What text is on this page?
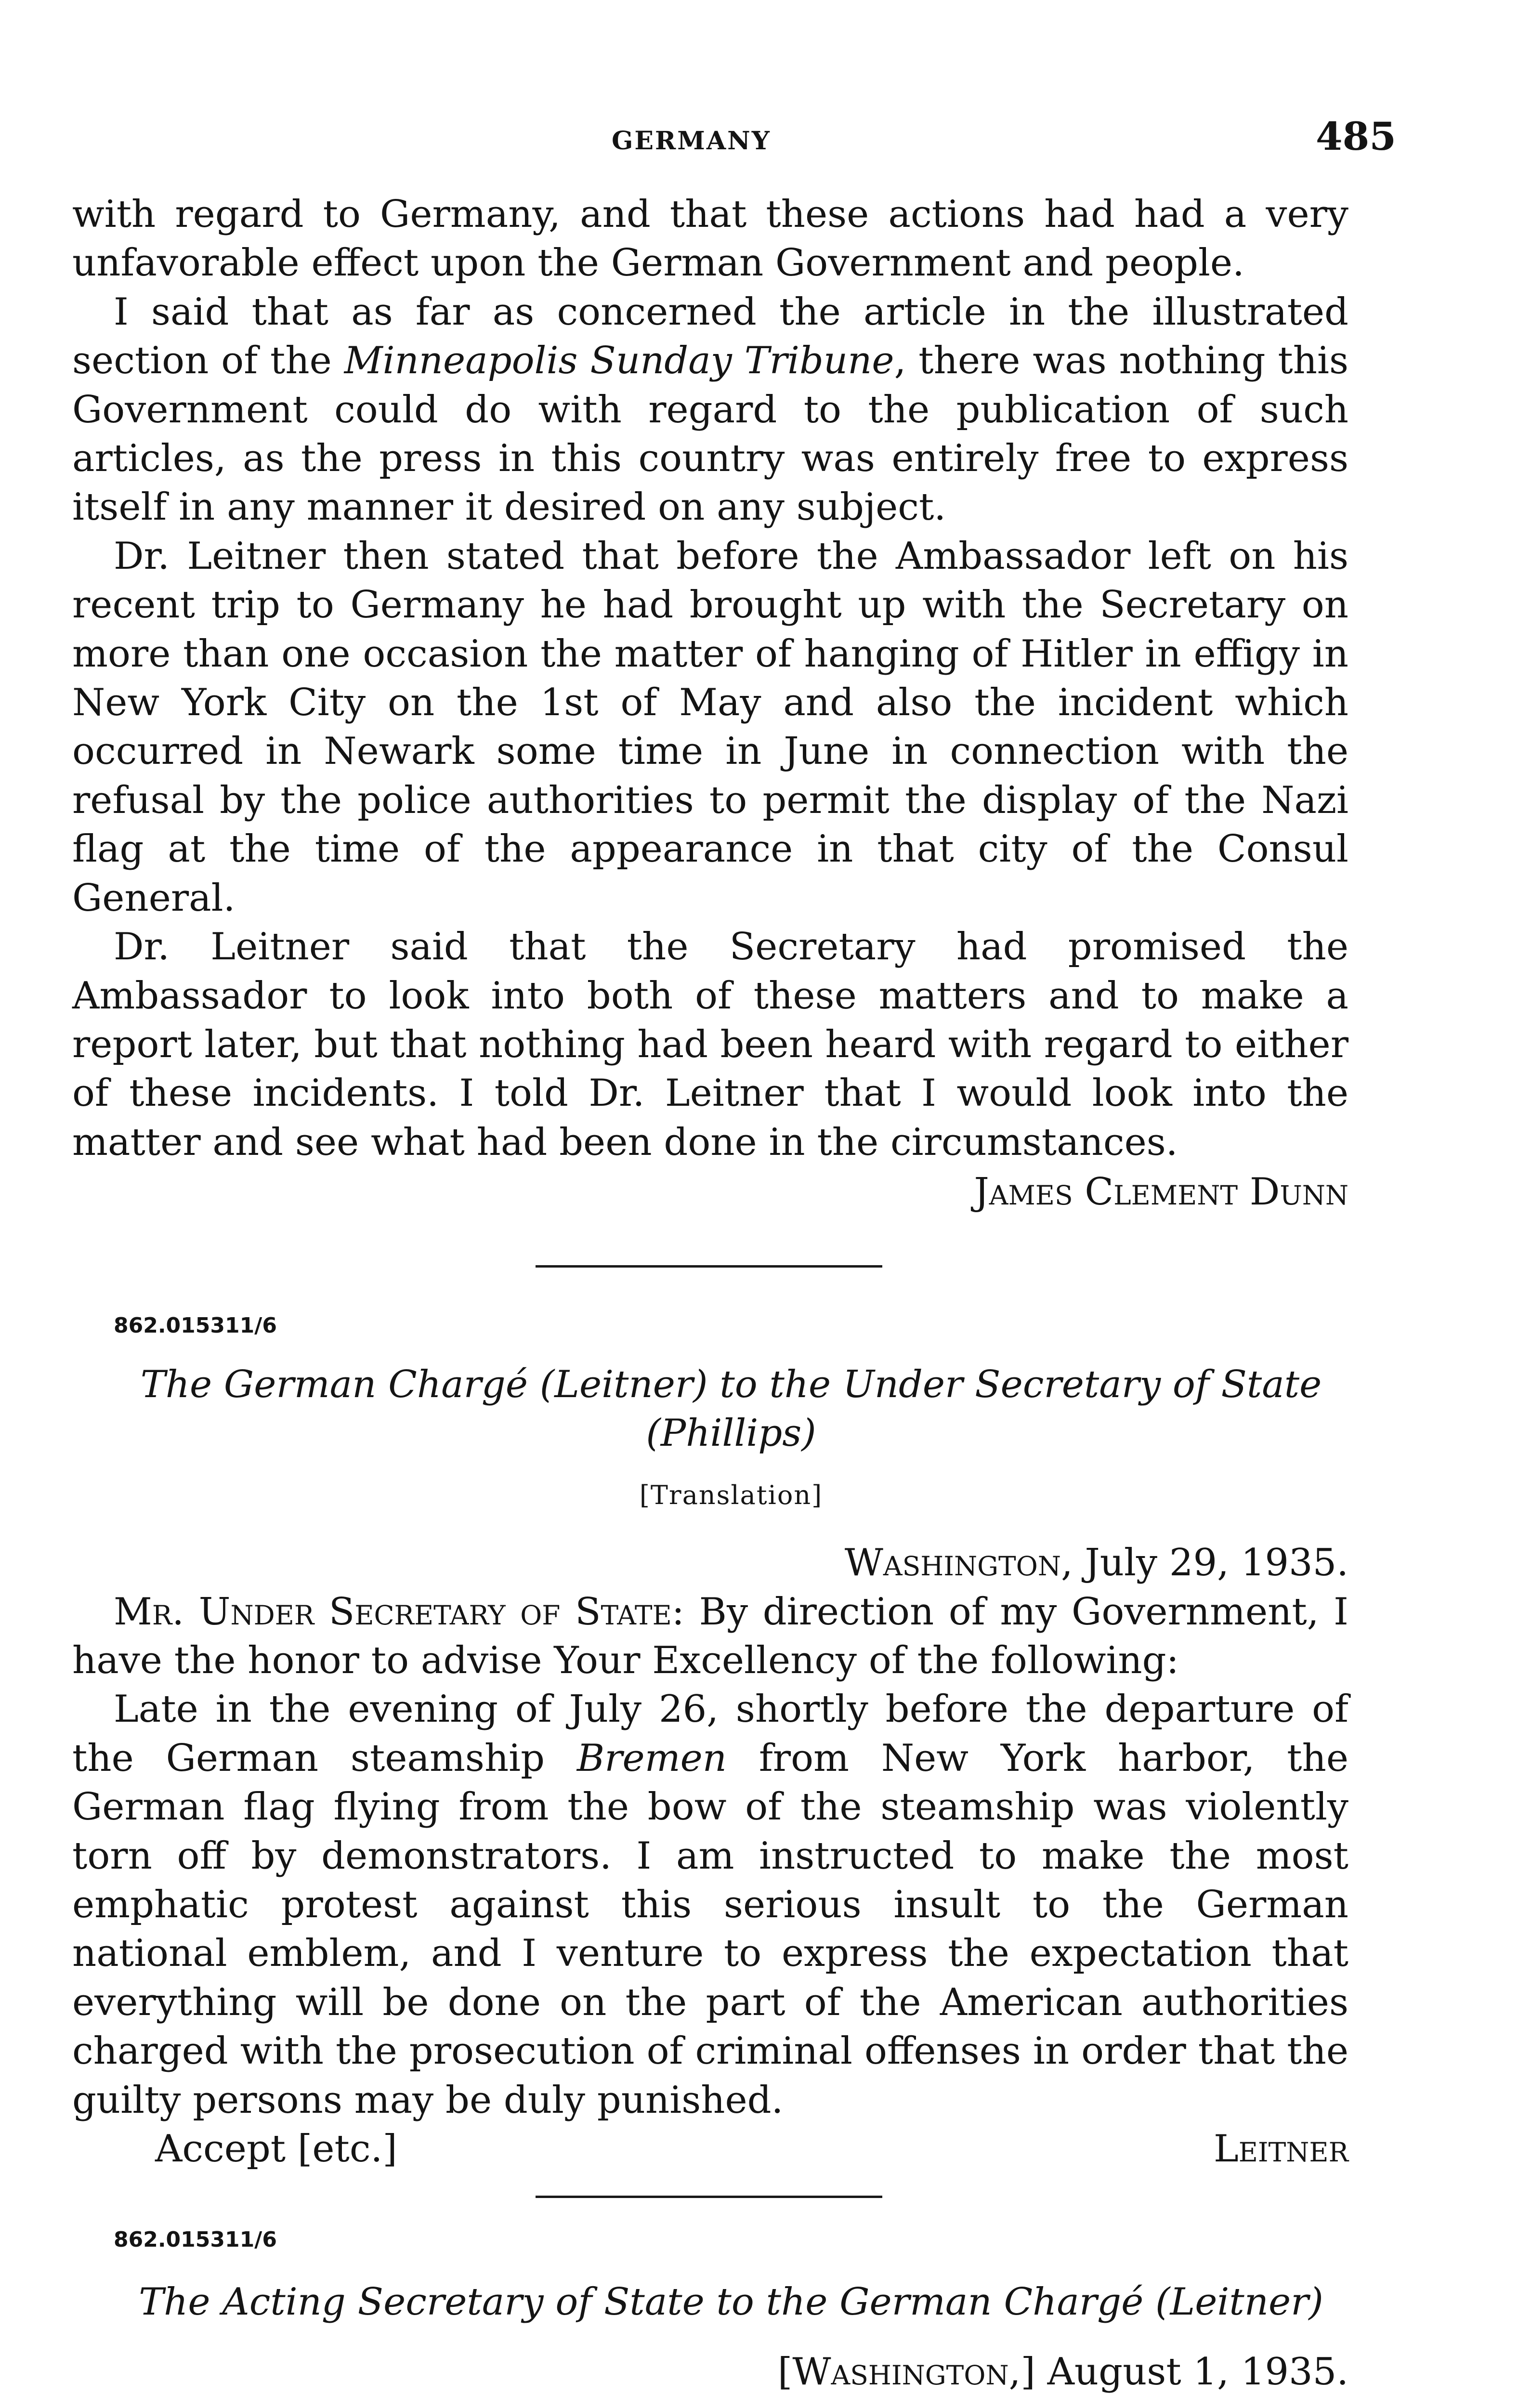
GERMANY	485

with regard to Germany, and that these actions had had a very unfavorable effect upon the German Government and people.

I said that as far as concerned the article in the illustrated section of the Minneapolis Sunday Tribune, there was nothing this Government could do with regard to the publication of such articles, as the press in this country was entirely free to express itself in any manner it desired on any subject.

Dr. Leitner then stated that before the Ambassador left on his recent trip to Germany he had brought up with the Secretary on more than one occasion the matter of hanging of Hitler in effigy in New York City on the 1st of May and also the incident which occurred in Newark some time in June in connection with the refusal by the police authorities to permit the display of the Nazi flag at the time of the appearance in that city of the Consul General.

Dr. Leitner said that the Secretary had promised the Ambassador to look into both of these matters and to make a report later, but that nothing had been heard with regard to either of these incidents. I told Dr. Leitner that I would look into the matter and see what had been done in the circumstances.

James Clement Dunn

862.015311/6

The German Chargé (Leitner) to the Under Secretary of State

(Phillips)

[Translation]

Washington, July 29, 1935.

Mr. Under Secretary of State: By direction of my Government, I have the honor to advise Your Excellency of the following:

Late in the evening of July 26, shortly before the departure of the German steamship Bremen from New York harbor, the German flag flying from the bow of the steamship was violently torn off by demonstrators. I am instructed to make the most emphatic protest against this serious insult to the German national emblem, and I venture to express the expectation that everything will be done on the part of the American authorities charged with the prosecution of criminal offenses in order that the guilty persons may be duly punished.

Accept [etc.]	Leitner

862.015311/6

The Acting Secretary of State to the German Chargé (Leitner)

[Washington,] August 1, 1935.
